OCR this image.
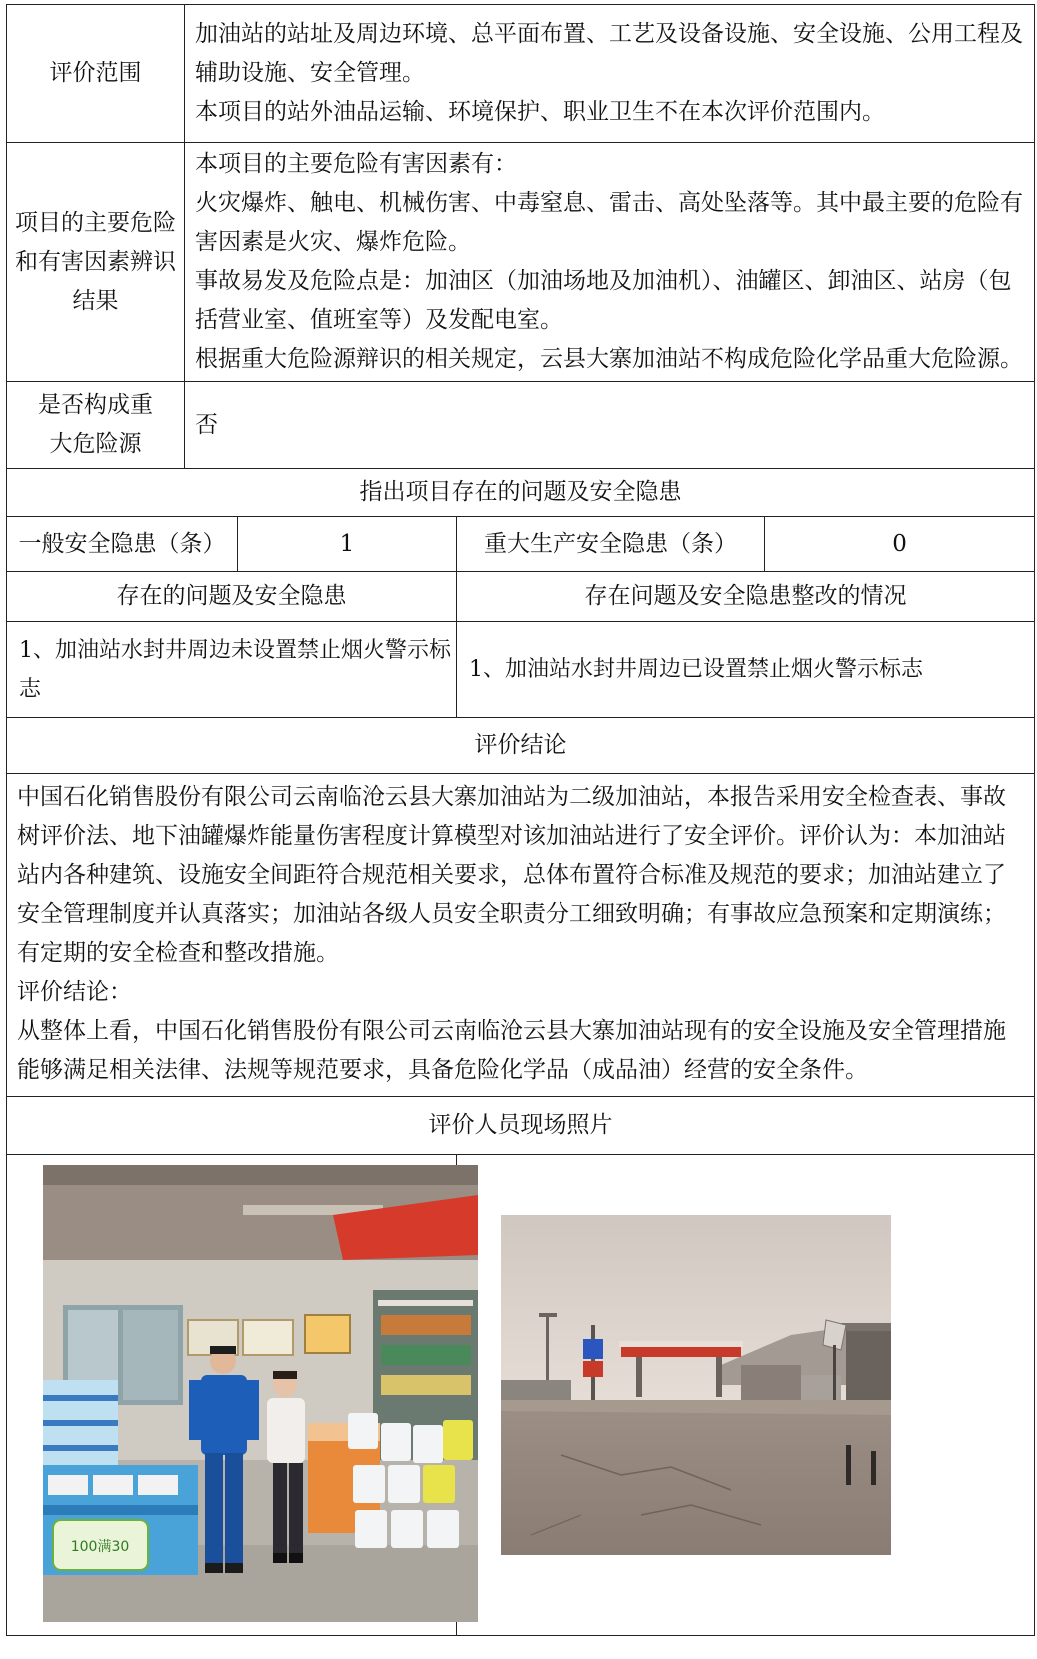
评价范围	加油站的站址及周边环境、总平面布置、工艺及设备设施、安全设施、公用工程及辅助设施、安全管理。

本项目的站外油品运输、环境保护、职业卫生不在本次评价范围内。			

项目的主要危险和有害因素辨识结果	本项目的主要危险有害因素有：

火灾爆炸、触电、机械伤害、中毒窒息、雷击、高处坠落等。其中最主要的危险有害因素是火灾、爆炸危险。

事故易发及危险点是：加油区（加油场地及加油机）、油罐区、卸油区、站房（包括营业室、值班室等）及发配电室。

根据重大危险源辩识的相关规定，云县大寨加油站不构成危险化学品重大危险源。			

是否构成重大危险源	否			
指出项目存在的问题及安全隐患				
一般安全隐患（条）		1	重大生产安全隐患（条）	0
存在的问题及安全隐患			存在问题及安全隐患整改的情况	
1、加油站水封井周边未设置禁止烟火警示标志			1、加油站水封井周边已设置禁止烟火警示标志	
评价结论				

中国石化销售股份有限公司云南临沧云县大寨加油站为二级加油站，本报告采用安全检查表、事故树评价法、地下油罐爆炸能量伤害程度计算模型对该加油站进行了安全评价。评价认为：本加油站站内各种建筑、设施安全间距符合规范相关要求，总体布置符合标准及规范的要求；加油站建立了安全管理制度并认真落实；加油站各级人员安全职责分工细致明确；有事故应急预案和定期演练；有定期的安全检查和整改措施。

评价结论：

从整体上看，中国石化销售股份有限公司云南临沧云县大寨加油站现有的安全设施及安全管理措施能够满足相关法律、法规等规范要求，具备危险化学品（成品油）经营的安全条件。				

评价人员现场照片				

100满30
